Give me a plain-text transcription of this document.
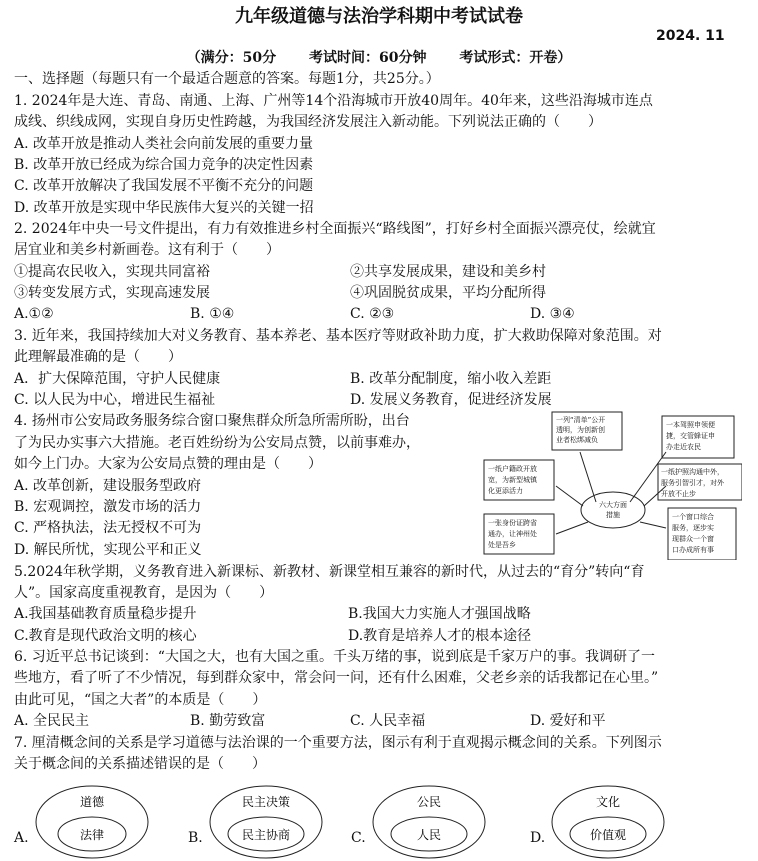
九年级道德与法治学科期中考试试卷
2024. 11
（满分：50分 考试时间：60分钟 考试形式：开卷）
一、选择题（每题只有一个最适合题意的答案。每题1分，共25分。）
1. 2024年是大连、青岛、南通、上海、广州等14个沿海城市开放40周年。40年来，这些沿海城市连点
成线、织线成网，实现自身历史性跨越，为我国经济发展注入新动能。下列说法正确的（　　）
A. 改革开放是推动人类社会向前发展的重要力量
B. 改革开放已经成为综合国力竞争的决定性因素
C. 改革开放解决了我国发展不平衡不充分的问题
D. 改革开放是实现中华民族伟大复兴的关键一招
2. 2024年中央一号文件提出，有力有效推进乡村全面振兴“路线图”，打好乡村全面振兴漂亮仗，绘就宜
居宜业和美乡村新画卷。这有利于（　　）
①提高农民收入，实现共同富裕	②共享发展成果，建设和美乡村
③转变发展方式，实现高速发展	④巩固脱贫成果，平均分配所得
A.①②	B. ①④	C. ②③	D. ③④
3. 近年来，我国持续加大对义务教育、基本养老、基本医疗等财政补助力度，扩大救助保障对象范围。对
此理解最准确的是（　　）
A．扩大保障范围，守护人民健康	B. 改革分配制度，缩小收入差距
C. 以人民为中心，增进民生福祉	D. 发展义务教育，促进经济发展
4. 扬州市公安局政务服务综合窗口聚焦群众所急所需所盼，出台
了为民办实事六大措施。老百姓纷纷为公安局点赞，以前事难办，
如今上门办。大家为公安局点赞的理由是（　　）
A. 改革创新，建设服务型政府
B. 宏观调控，激发市场的活力
C. 严格执法，法无授权不可为
D. 解民所忧，实现公平和正义
六大方面
措施
一列“清单”公开
透明，为创新创
业者松绑减负
一本驾照申领便
捷，交管蜂证申
办走近农民
一纸户籍政开放
宽，为新型城镇
化更添活力
一纸护照沟通中外，
服务引智引才，对外
开放不止步
一张身份证跨省
通办，让神州处
处是吾乡
一个窗口综合
服务，逐步实
现群众一个窗
口办成所有事
5.2024年秋学期，义务教育进入新课标、新教材、新课堂相互兼容的新时代，从过去的“育分”转向“育
人”。国家高度重视教育，是因为（　　）
A.我国基础教育质量稳步提升	B.我国大力实施人才强国战略
C.教育是现代政治文明的核心	D.教育是培养人才的根本途径
6. 习近平总书记谈到：“大国之大，也有大国之重。千头万绪的事，说到底是千家万户的事。我调研了一
些地方，看了听了不少情况，每到群众家中，常会问一问，还有什么困难，父老乡亲的话我都记在心里。”
由此可见，“国之大者”的本质是（　　）
A. 全民民主	B. 勤劳致富	C. 人民幸福	D. 爱好和平
7. 厘清概念间的关系是学习道德与法治课的一个重要方法，图示有利于直观揭示概念间的关系。下列图示
关于概念间的关系描述错误的是（　　）
A.
道德
法律	B.
民主决策
民主协商	C.
公民
人民	D.
文化
价值观
